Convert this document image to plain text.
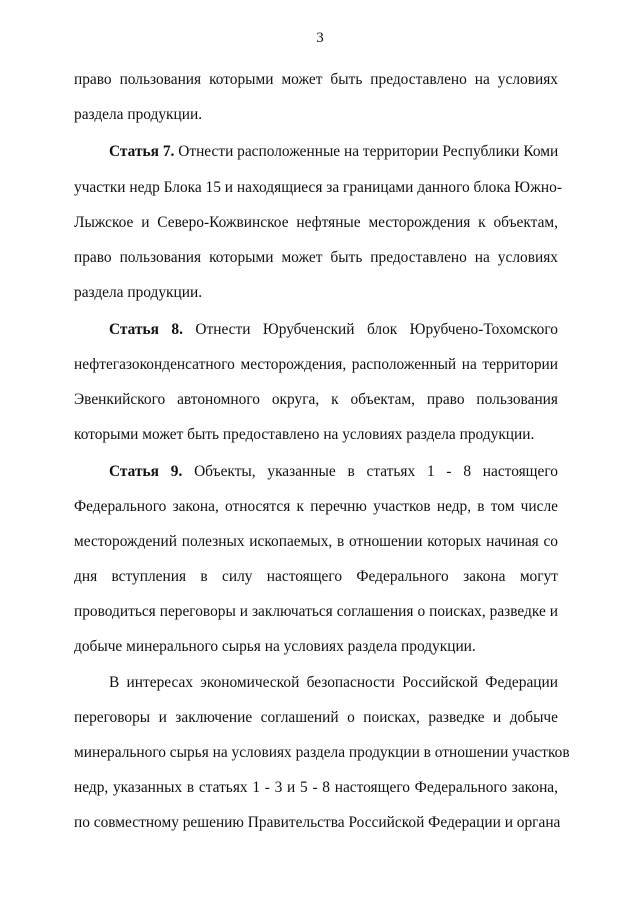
3
право пользования которыми может быть предоставлено на условиях
раздела продукции.
Статья 7. Отнести расположенные на территории Республики Коми
участки недр Блока 15 и находящиеся за границами данного блока Южно-
Лыжское и Северо-Кожвинское нефтяные месторождения к объектам,
право пользования которыми может быть предоставлено на условиях
раздела продукции.
Статья 8. Отнести Юрубченский блок Юрубчено-Тохомского
нефтегазоконденсатного месторождения, расположенный на территории
Эвенкийского автономного округа, к объектам, право пользования
которыми может быть предоставлено на условиях раздела продукции.
Статья 9. Объекты, указанные в статьях 1 - 8 настоящего
Федерального закона, относятся к перечню участков недр, в том числе
месторождений полезных ископаемых, в отношении которых начиная со
дня вступления в силу настоящего Федерального закона могут
проводиться переговоры и заключаться соглашения о поисках, разведке и
добыче минерального сырья на условиях раздела продукции.
В интересах экономической безопасности Российской Федерации
переговоры и заключение соглашений о поисках, разведке и добыче
минерального сырья на условиях раздела продукции в отношении участков
недр, указанных в статьях 1 - 3 и 5 - 8 настоящего Федерального закона,
по совместному решению Правительства Российской Федерации и органа
